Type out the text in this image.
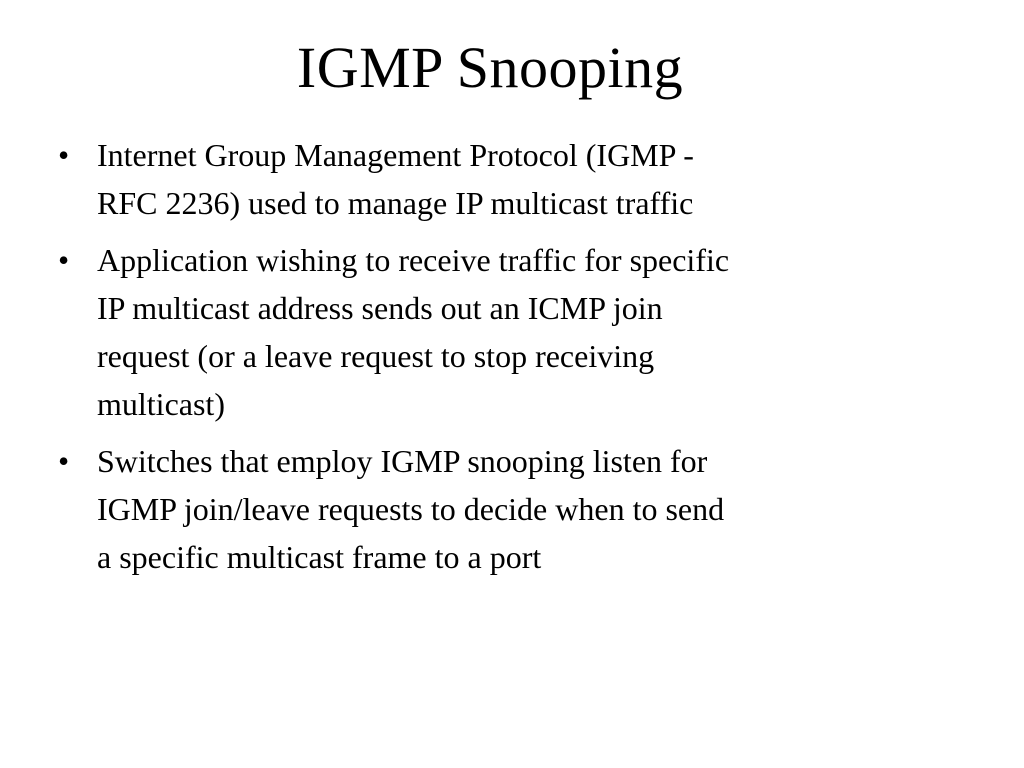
IGMP Snooping
• Internet Group Management Protocol (IGMP -
RFC 2236) used to manage IP multicast traffic
• Application wishing to receive traffic for specific
IP multicast address sends out an ICMP join
request (or a leave request to stop receiving
multicast)
• Switches that employ IGMP snooping listen for
IGMP join/leave requests to decide when to send
a specific multicast frame to a port
